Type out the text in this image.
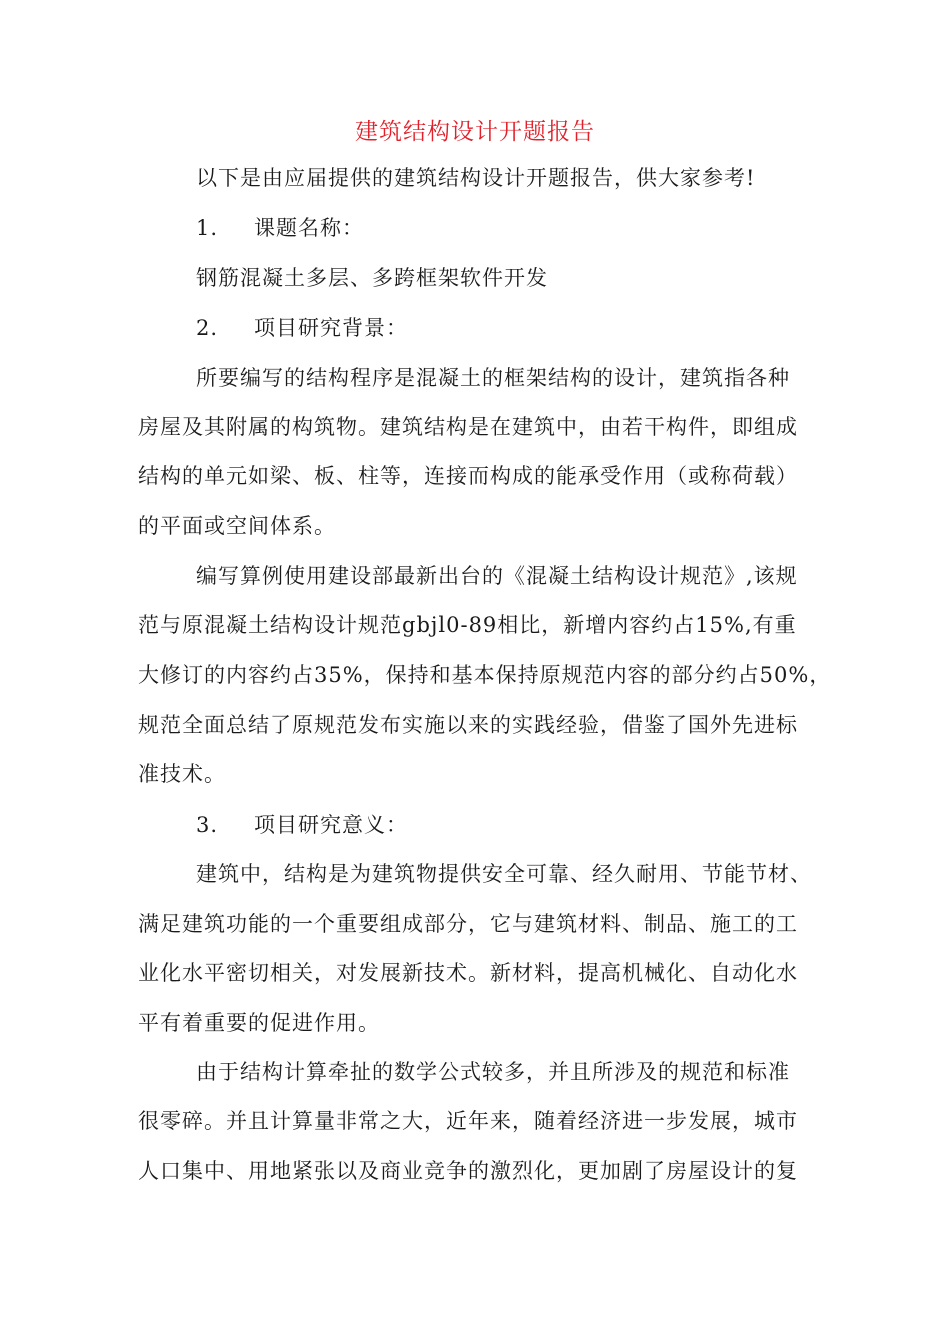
建筑结构设计开题报告
以下是由应届提供的建筑结构设计开题报告，供大家参考!
1. 课题名称：
钢筋混凝土多层、多跨框架软件开发
2. 项目研究背景：
所要编写的结构程序是混凝土的框架结构的设计，建筑指各种
房屋及其附属的构筑物。建筑结构是在建筑中，由若干构件，即组成
结构的单元如梁、板、柱等，连接而构成的能承受作用（或称荷载）
的平面或空间体系。
编写算例使用建设部最新出台的《混凝土结构设计规范》,该规
范与原混凝土结构设计规范gbjl0-89相比，新增内容约占15%,有重
大修订的内容约占35%，保持和基本保持原规范内容的部分约占50%，
规范全面总结了原规范发布实施以来的实践经验，借鉴了国外先进标
准技术。
3. 项目研究意义：
建筑中，结构是为建筑物提供安全可靠、经久耐用、节能节材、
满足建筑功能的一个重要组成部分，它与建筑材料、制品、施工的工
业化水平密切相关，对发展新技术。新材料，提高机械化、自动化水
平有着重要的促进作用。
由于结构计算牵扯的数学公式较多，并且所涉及的规范和标准
很零碎。并且计算量非常之大，近年来，随着经济进一步发展，城市
人口集中、用地紧张以及商业竞争的激烈化，更加剧了房屋设计的复
